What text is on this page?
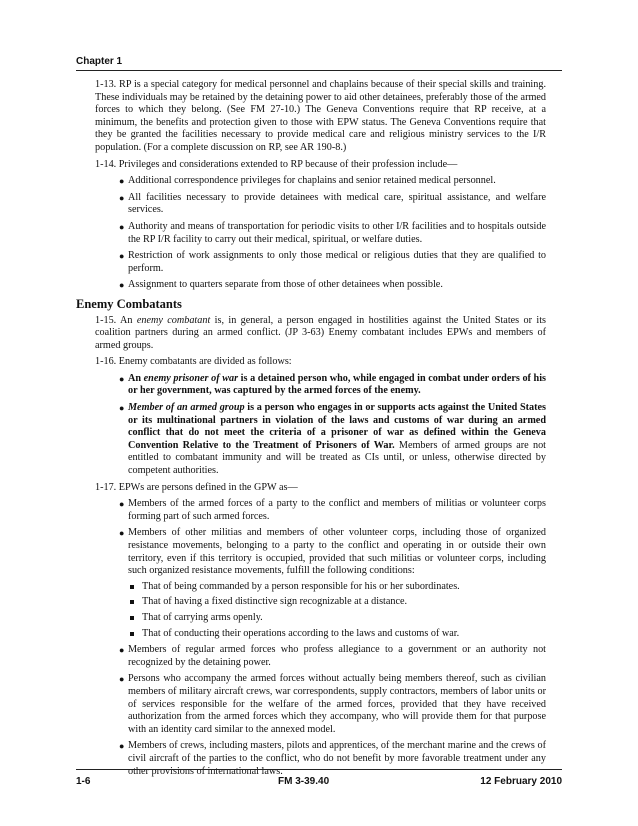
Chapter 1

1-13. RP is a special category for medical personnel and chaplains because of their special skills and training. These individuals may be retained by the detaining power to aid other detainees, preferably those of the armed forces to which they belong. (See FM 27-10.) The Geneva Conventions require that RP receive, at a minimum, the benefits and protection given to those with EPW status. The Geneva Conventions require that they be granted the facilities necessary to provide medical care and religious ministry services to the I/R population. (For a complete discussion on RP, see AR 190-8.)

1-14. Privileges and considerations extended to RP because of their profession include—

● Additional correspondence privileges for chaplains and senior retained medical personnel.
● All facilities necessary to provide detainees with medical care, spiritual assistance, and welfare services.
● Authority and means of transportation for periodic visits to other I/R facilities and to hospitals outside the RP I/R facility to carry out their medical, spiritual, or welfare duties.
● Restriction of work assignments to only those medical or religious duties that they are qualified to perform.
● Assignment to quarters separate from those of other detainees when possible.
Enemy Combatants

1-15. An enemy combatant is, in general, a person engaged in hostilities against the United States or its coalition partners during an armed conflict. (JP 3-63) Enemy combatant includes EPWs and members of armed groups.

1-16. Enemy combatants are divided as follows:

● An enemy prisoner of war is a detained person who, while engaged in combat under orders of his or her government, was captured by the armed forces of the enemy.
● Member of an armed group is a person who engages in or supports acts against the United States or its multinational partners in violation of the laws and customs of war during an armed conflict that do not meet the criteria of a prisoner of war as defined within the Geneva Convention Relative to the Treatment of Prisoners of War. Members of armed groups are not entitled to combatant immunity and will be treated as CIs until, or unless, otherwise directed by competent authorities.

1-17. EPWs are persons defined in the GPW as—

● Members of the armed forces of a party to the conflict and members of militias or volunteer corps forming part of such armed forces.
● Members of other militias and members of other volunteer corps, including those of organized resistance movements, belonging to a party to the conflict and operating in or outside their own territory, even if this territory is occupied, provided that such militias or volunteer corps, including such organized resistance movements, fulfill the following conditions:
That of being commanded by a person responsible for his or her subordinates.
That of having a fixed distinctive sign recognizable at a distance.
That of carrying arms openly.
That of conducting their operations according to the laws and customs of war.
● Members of regular armed forces who profess allegiance to a government or an authority not recognized by the detaining power.
● Persons who accompany the armed forces without actually being members thereof, such as civilian members of military aircraft crews, war correspondents, supply contractors, members of labor units or of services responsible for the welfare of the armed forces, provided that they have received authorization from the armed forces which they accompany, who will provide them for that purpose with an identity card similar to the annexed model.
● Members of crews, including masters, pilots and apprentices, of the merchant marine and the crews of civil aircraft of the parties to the conflict, who do not benefit by more favorable treatment under any other provisions of international laws.
1-6	FM 3-39.40	12 February 2010
